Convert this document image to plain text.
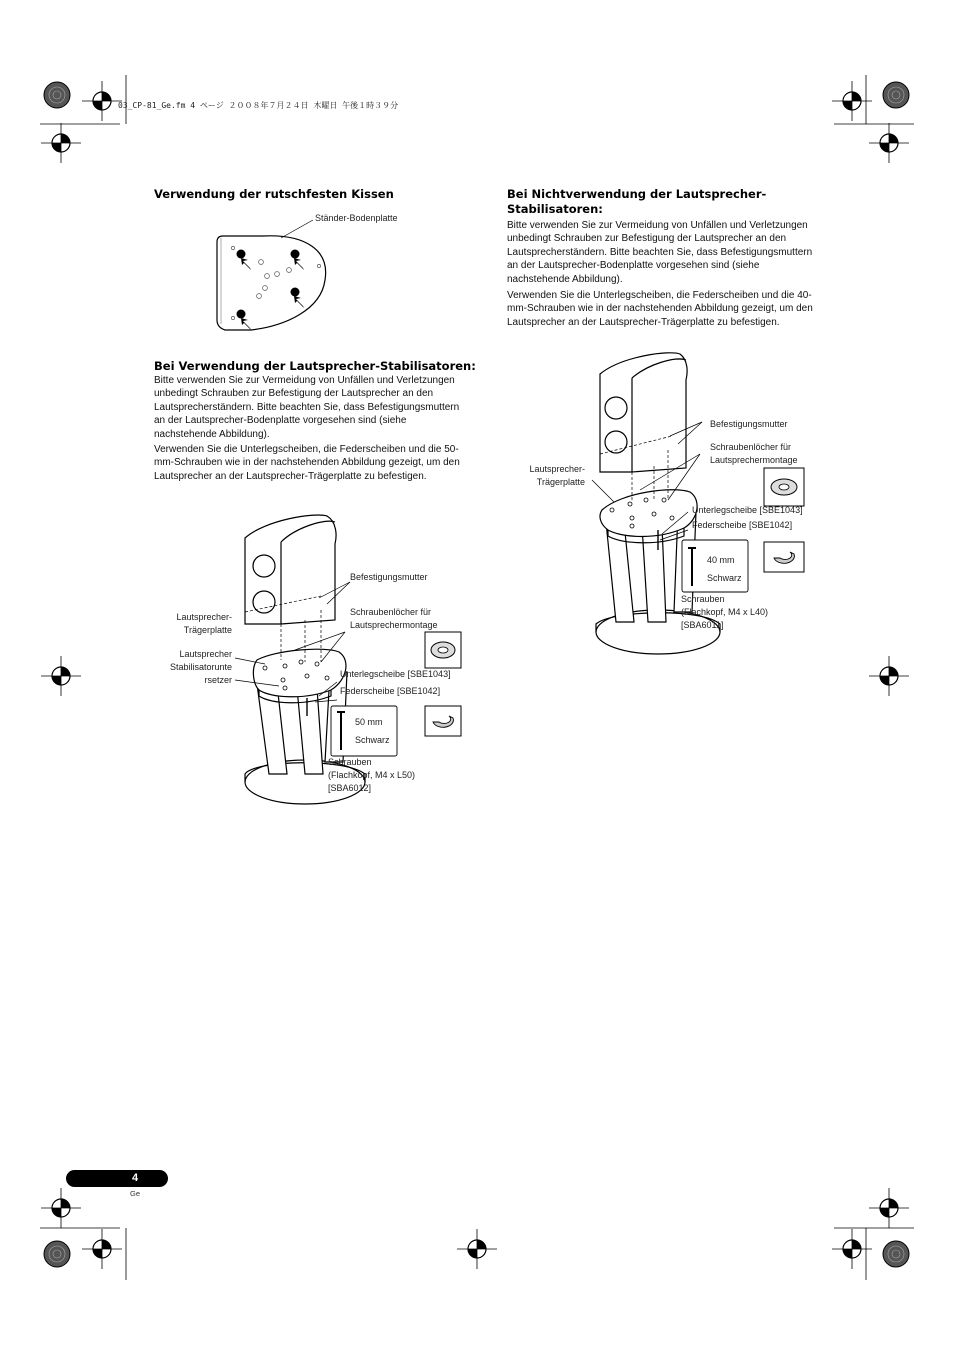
03_CP-81_Ge.fm 4 ページ ２００８年７月２４日 木曜日 午後１時３９分
Verwendung der rutschfesten Kissen
Ständer-Bodenplatte
Bei Verwendung der Lautsprecher-Stabilisatoren:

Bitte verwenden Sie zur Vermeidung von Unfällen und Verletzungen unbedingt Schrauben zur Befestigung der Lautsprecher an den Lautsprecherständern. Bitte beachten Sie, dass Befestigungsmuttern an der Lautsprecher-Bodenplatte vorgesehen sind (siehe nachstehende Abbildung).

Verwenden Sie die Unterlegscheiben, die Federscheiben und die 50-mm-Schrauben wie in der nachstehenden Abbildung gezeigt, um den Lautsprecher an der Lautsprecher-Trägerplatte zu befestigen.

Befestigungsmutter
Schraubenlöcher für
Lautsprechermontage
Lautsprecher-
Trägerplatte
Lautsprecher
Stabilisatorunte
rsetzer
Unterlegscheibe [SBE1043]
Federscheibe [SBE1042]
50 mm
Schwarz
Schrauben
(Flachkopf, M4 x L50)
[SBA6012]
Bei Nichtverwendung der Lautsprecher-
Stabilisatoren:

Bitte verwenden Sie zur Vermeidung von Unfällen und Verletzungen unbedingt Schrauben zur Befestigung der Lautsprecher an den Lautsprecherständern. Bitte beachten Sie, dass Befestigungsmuttern an der Lautsprecher-Bodenplatte vorgesehen sind (siehe nachstehende Abbildung).

Verwenden Sie die Unterlegscheiben, die Federscheiben und die 40-mm-Schrauben wie in der nachstehenden Abbildung gezeigt, um den Lautsprecher an der Lautsprecher-Trägerplatte zu befestigen.

Befestigungsmutter
Schraubenlöcher für
Lautsprechermontage
Lautsprecher-
Trägerplatte
Unterlegscheibe [SBE1043]
Federscheibe [SBE1042]
40 mm
Schwarz
Schrauben
(Flachkopf, M4 x L40)
[SBA6011]
4
Ge
